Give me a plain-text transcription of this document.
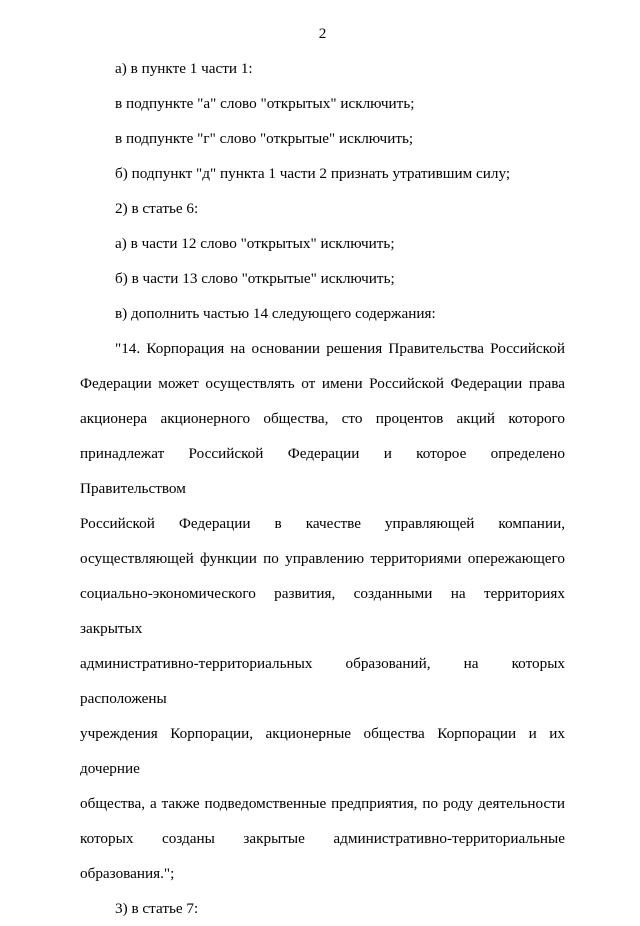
2

а) в пункте 1 части 1:

в подпункте "а" слово "открытых" исключить;

в подпункте "г" слово "открытые" исключить;

б) подпункт "д" пункта 1 части 2 признать утратившим силу;

2) в статье 6:

а) в части 12 слово "открытых" исключить;

б) в части 13 слово "открытые" исключить;

в) дополнить частью 14 следующего содержания:

"14. Корпорация на основании решения Правительства Российской
Федерации может осуществлять от имени Российской Федерации права
акционера акционерного общества, сто процентов акций которого
принадлежат Российской Федерации и которое определено Правительством
Российской Федерации в качестве управляющей компании,
осуществляющей функции по управлению территориями опережающего
социально-экономического развития, созданными на территориях закрытых
административно-территориальных образований, на которых расположены
учреждения Корпорации, акционерные общества Корпорации и их дочерние
общества, а также подведомственные предприятия, по роду деятельности
которых созданы закрытые административно-территориальные
образования.";

3) в статье 7:
